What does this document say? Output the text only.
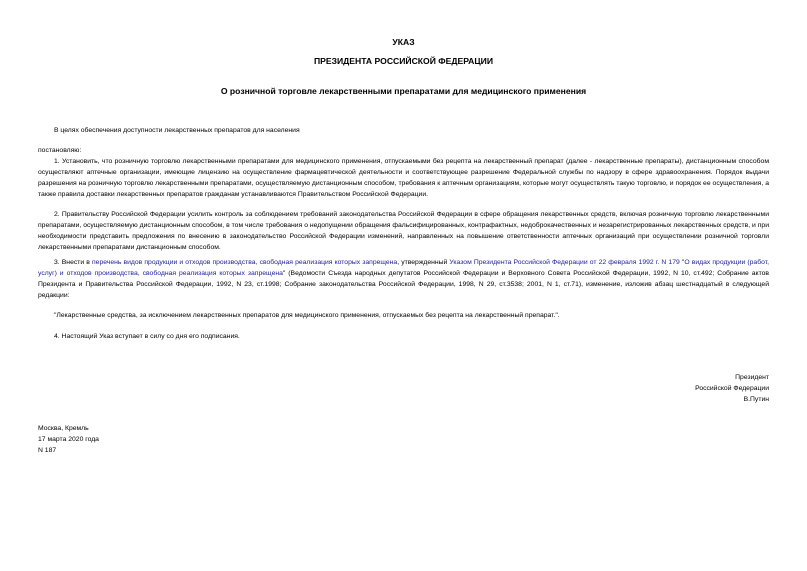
УКАЗ
ПРЕЗИДЕНТА РОССИЙСКОЙ ФЕДЕРАЦИИ
О розничной торговле лекарственными препаратами для медицинского применения

В целях обеспечения доступности лекарственных препаратов для населения

постановляю:

1. Установить, что розничную торговлю лекарственными препаратами для медицинского применения, отпускаемыми без рецепта на лекарственный препарат (далее - лекарственные препараты), дистанционным способом осуществляют аптечные организации, имеющие лицензию на осуществление фармацевтической деятельности и соответствующее разрешение Федеральной службы по надзору в сфере здравоохранения. Порядок выдачи разрешения на розничную торговлю лекарственными препаратами, осуществляемую дистанционным способом, требования к аптечным организациям, которые могут осуществлять такую торговлю, и порядок ее осуществления, а также правила доставки лекарственных препаратов гражданам устанавливаются Правительством Российской Федерации.

2. Правительству Российской Федерации усилить контроль за соблюдением требований законодательства Российской Федерации в сфере обращения лекарственных средств, включая розничную торговлю лекарственными препаратами, осуществляемую дистанционным способом, в том числе требования о недопущении обращения фальсифицированных, контрафактных, недоброкачественных и незарегистрированных лекарственных средств, и при необходимости представить предложения по внесению в законодательство Российской Федерации изменений, направленных на повышение ответственности аптечных организаций при осуществлении розничной торговли лекарственными препаратами дистанционным способом.

3. Внести в перечень видов продукции и отходов производства, свободная реализация которых запрещена, утвержденный Указом Президента Российской Федерации от 22 февраля 1992 г. N 179 "О видах продукции (работ, услуг) и отходов производства, свободная реализация которых запрещена" (Ведомости Съезда народных депутатов Российской Федерации и Верховного Совета Российской Федерации, 1992, N 10, ст.492; Собрание актов Президента и Правительства Российской Федерации, 1992, N 23, ст.1998; Собрание законодательства Российской Федерации, 1998, N 29, ст.3538; 2001, N 1, ст.71), изменение, изложив абзац шестнадцатый в следующей редакции:

"Лекарственные средства, за исключением лекарственных препаратов для медицинского применения, отпускаемых без рецепта на лекарственный препарат.".

4. Настоящий Указ вступает в силу со дня его подписания.

Президент
Российской Федерации
В.Путин
Москва, Кремль
17 марта 2020 года
N 187
